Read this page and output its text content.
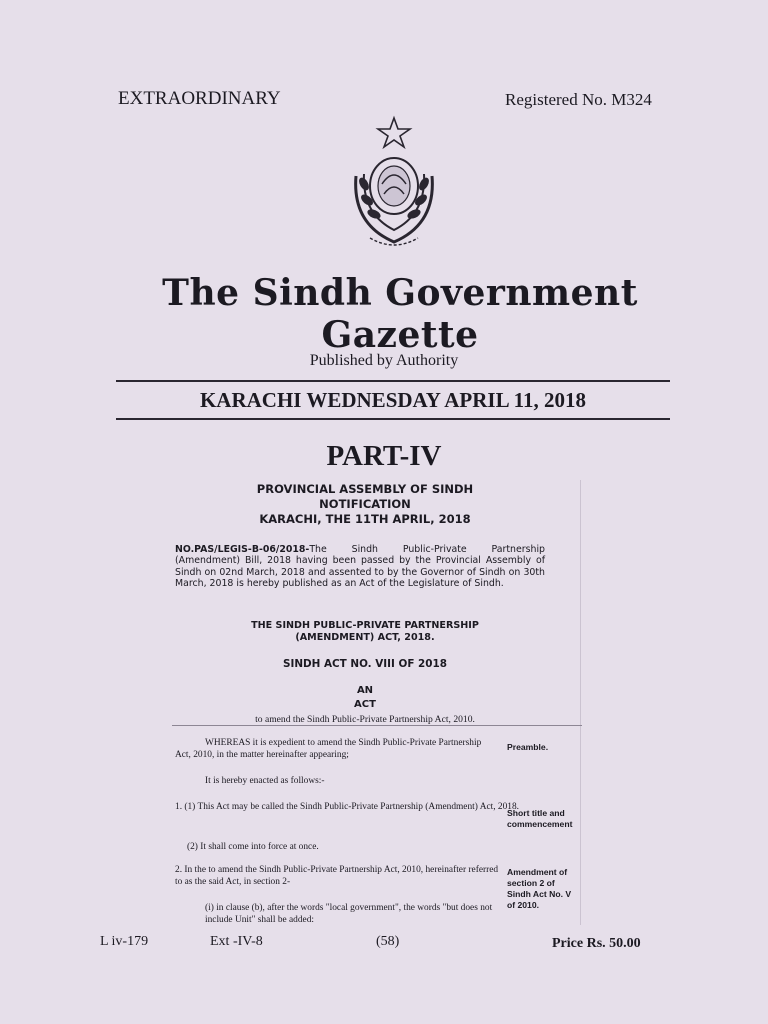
EXTRAORDINARY	Registered No. M324
The Sindh Government Gazette
Published by Authority
KARACHI WEDNESDAY APRIL 11, 2018
PART-IV
PROVINCIAL ASSEMBLY OF SINDH
NOTIFICATION
KARACHI, THE 11TH APRIL, 2018
NO.PAS/LEGIS-B-06/2018-The Sindh Public-Private Partnership (Amendment) Bill, 2018 having been passed by the Provincial Assembly of Sindh on 02nd March, 2018 and assented to by the Governor of Sindh on 30th March, 2018 is hereby published as an Act of the Legislature of Sindh.
THE SINDH PUBLIC-PRIVATE PARTNERSHIP
(AMENDMENT) ACT, 2018.
SINDH ACT NO. VIII OF 2018
AN
ACT
to amend the Sindh Public-Private Partnership Act, 2010.
WHEREAS it is expedient to amend the Sindh Public-Private Partnership Act, 2010, in the matter hereinafter appearing;
Preamble.
It is hereby enacted as follows:-
1. (1) This Act may be called the Sindh Public-Private Partnership (Amendment) Act, 2018.
Short title and
commencement
(2) It shall come into force at once.
2. In the to amend the Sindh Public-Private Partnership Act, 2010, hereinafter referred to as the said Act, in section 2-
Amendment of
section 2 of
Sindh Act No. V
of 2010.
(i) in clause (b), after the words "local government", the words "but does not include Unit" shall be added:
L iv-179	Ext -IV-8	(58)	Price Rs. 50.00
